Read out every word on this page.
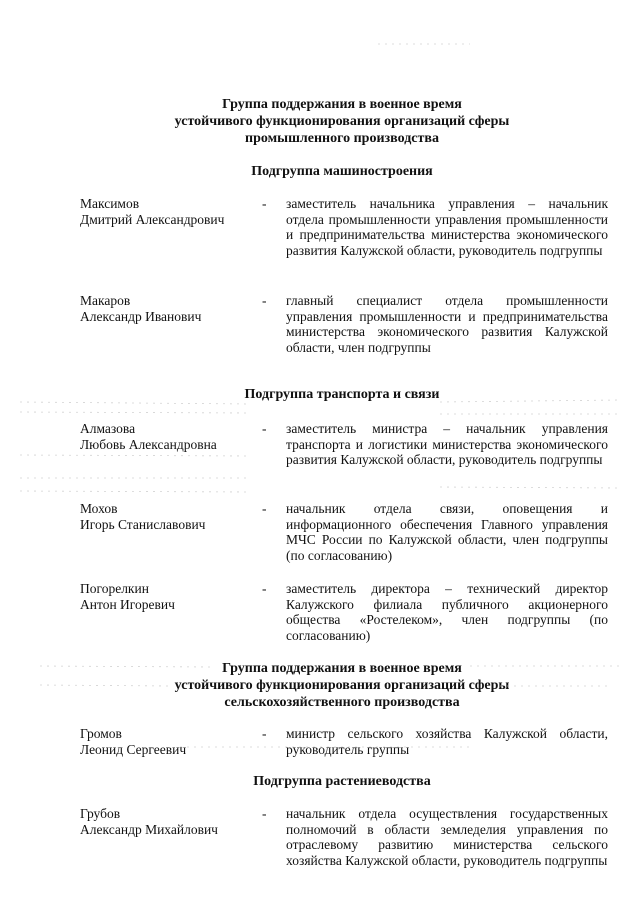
Группа поддержания в военное время
устойчивого функционирования организаций сферы
промышленного производства
Подгруппа машиностроения
Максимов
Дмитрий Александрович
-	заместитель начальника управления – начальник отдела промышленности управления промышленности и предпринимательства министерства экономического развития Калужской области, руководитель подгруппы
Макаров
Александр Иванович
-	главный специалист отдела промышленности управления промышленности и предпринимательства министерства экономического развития Калужской области, член подгруппы
Подгруппа транспорта и связи
Алмазова
Любовь Александровна
-	заместитель министра – начальник управления транспорта и логистики министерства экономического развития Калужской области, руководитель подгруппы
Мохов
Игорь Станиславович
-	начальник отдела связи, оповещения и информационного обеспечения Главного управления МЧС России по Калужской области, член подгруппы (по согласованию)
Погорелкин
Антон Игоревич
-	заместитель директора – технический директор Калужского филиала публичного акционерного общества «Ростелеком», член подгруппы (по согласованию)
Группа поддержания в военное время
устойчивого функционирования организаций сферы
сельскохозяйственного производства
Громов
Леонид Сергеевич
-	министр сельского хозяйства Калужской области, руководитель группы
Подгруппа растениеводства
Грубов
Александр Михайлович
-	начальник отдела осуществления государственных полномочий в области земледелия управления по отраслевому развитию министерства сельского хозяйства Калужской области, руководитель подгруппы
